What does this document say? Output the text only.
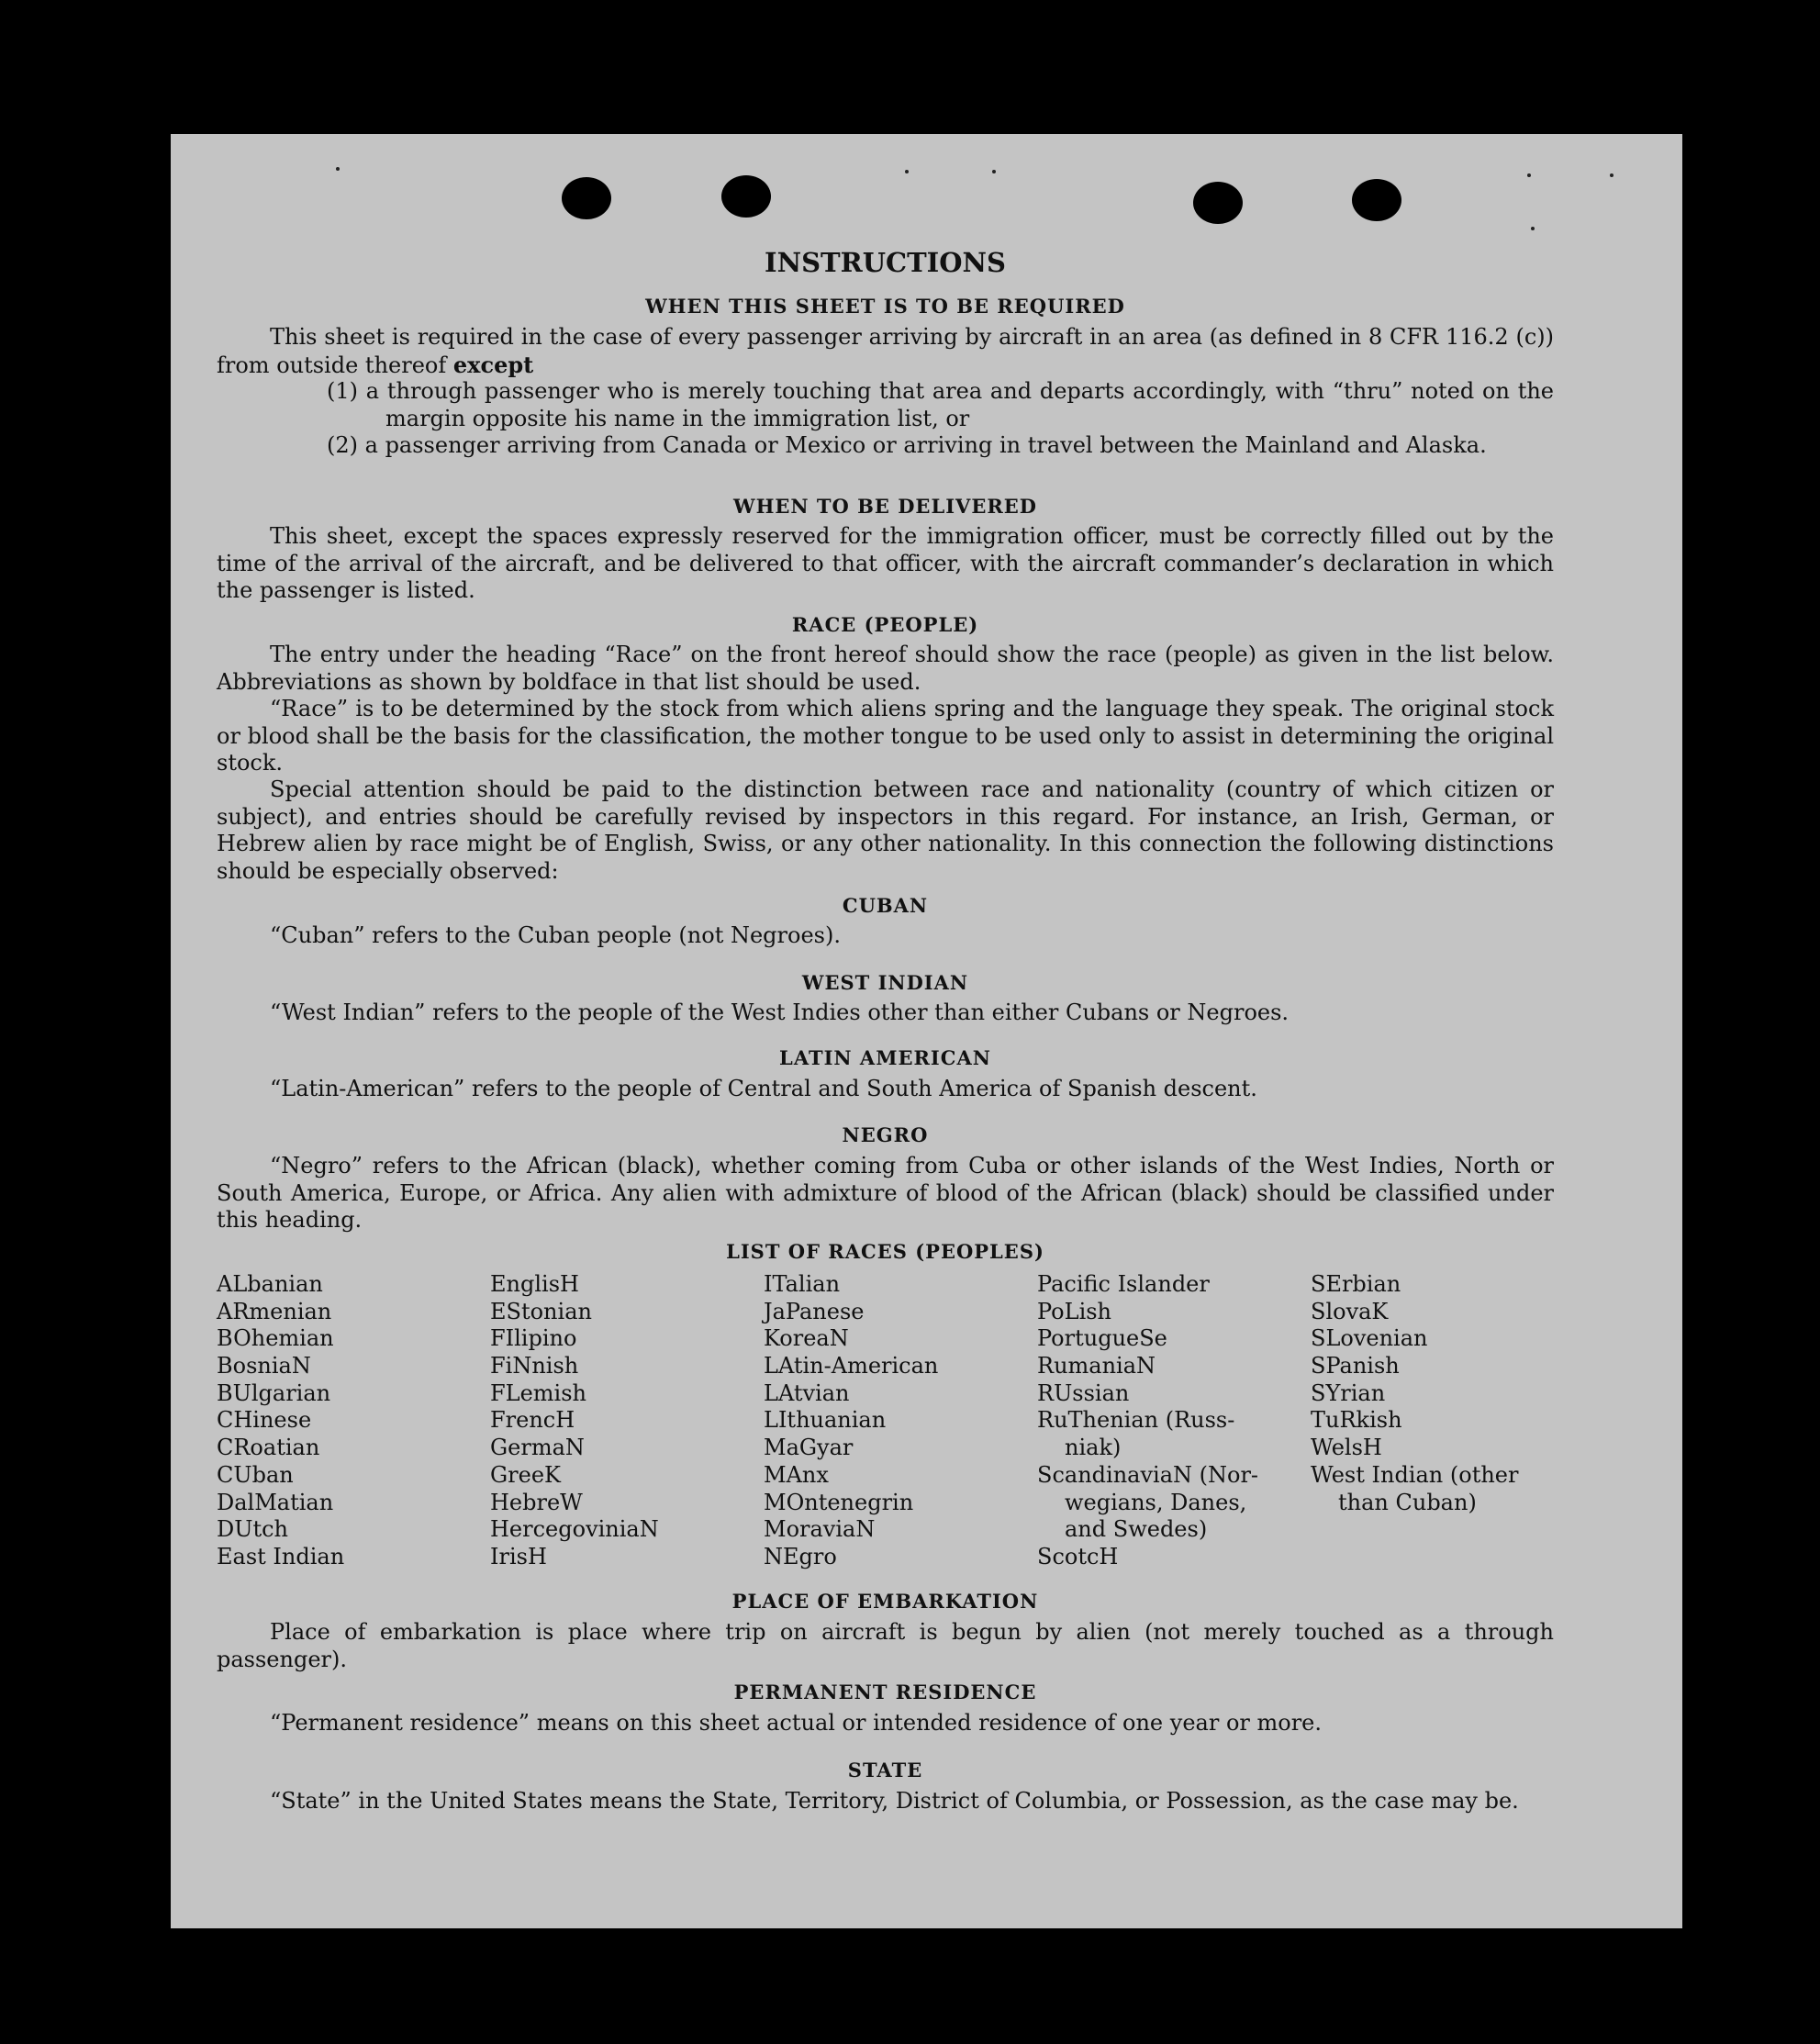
INSTRUCTIONS
WHEN THIS SHEET IS TO BE REQUIRED

This sheet is required in the case of every passenger arriving by aircraft in an area (as defined in 8 CFR 116.2 (c)) from outside thereof except

(1) a through passenger who is merely touching that area and departs accordingly, with “thru” noted on the margin opposite his name in the immigration list, or
(2) a passenger arriving from Canada or Mexico or arriving in travel between the Mainland and Alaska.
WHEN TO BE DELIVERED

This sheet, except the spaces expressly reserved for the immigration officer, must be correctly filled out by the time of the arrival of the aircraft, and be delivered to that officer, with the aircraft commander’s declaration in which the passenger is listed.

RACE (PEOPLE)

The entry under the heading “Race” on the front hereof should show the race (people) as given in the list below. Abbreviations as shown by boldface in that list should be used.

“Race” is to be determined by the stock from which aliens spring and the language they speak. The original stock or blood shall be the basis for the classification, the mother tongue to be used only to assist in determining the original stock.

Special attention should be paid to the distinction between race and nationality (country of which citizen or subject), and entries should be carefully revised by inspectors in this regard. For instance, an Irish, German, or Hebrew alien by race might be of English, Swiss, or any other nationality. In this connection the following distinctions should be especially observed:

CUBAN

“Cuban” refers to the Cuban people (not Negroes).

WEST INDIAN

“West Indian” refers to the people of the West Indies other than either Cubans or Negroes.

LATIN AMERICAN

“Latin-American” refers to the people of Central and South America of Spanish descent.

NEGRO

“Negro” refers to the African (black), whether coming from Cuba or other islands of the West Indies, North or South America, Europe, or Africa. Any alien with admixture of blood of the African (black) should be classified under this heading.

LIST OF RACES (PEOPLES)
ALbanian
ARmenian
BOhemian
BosniaN
BUlgarian
CHinese
CRoatian
CUban
DalMatian
DUtch
East Indian
EnglisH
EStonian
FIlipino
FiNnish
FLemish
FrencH
GermaN
GreeK
HebreW
HercegoviniaN
IrisH
ITalian
JaPanese
KoreaN
LAtin-American
LAtvian
LIthuanian
MaGyar
MAnx
MOntenegrin
MoraviaN
NEgro
Pacific Islander
PoLish
PortugueSe
RumaniaN
RUssian
RuThenian (Russ-
niak)
ScandinaviaN (Nor-
wegians, Danes,
and Swedes)
ScotcH
SErbian
SlovaK
SLovenian
SPanish
SYrian
TuRkish
WelsH
West Indian (other
than Cuban)
PLACE OF EMBARKATION

Place of embarkation is place where trip on aircraft is begun by alien (not merely touched as a through passenger).

PERMANENT RESIDENCE

“Permanent residence” means on this sheet actual or intended residence of one year or more.

STATE

“State” in the United States means the State, Territory, District of Columbia, or Possession, as the case may be.
